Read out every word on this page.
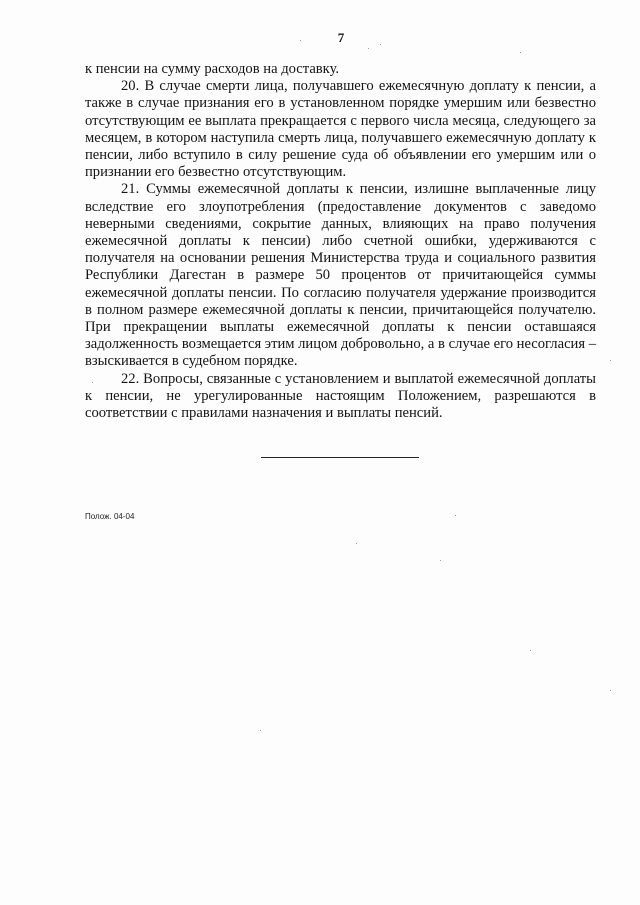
7

к пенсии на сумму расходов на доставку.

20. В случае смерти лица, получавшего ежемесячную доплату к пенсии, а также в случае признания его в установленном порядке умершим или безвестно отсутствующим ее выплата прекращается с первого числа месяца, следующего за месяцем, в котором наступила смерть лица, получавшего ежемесячную доплату к пенсии, либо вступило в силу решение суда об объявлении его умершим или о признании его безвестно отсутствующим.

21. Суммы ежемесячной доплаты к пенсии, излишне выплаченные лицу вследствие его злоупотребления (предоставление документов с заведомо неверными сведениями, сокрытие данных, влияющих на право получения ежемесячной доплаты к пенсии) либо счетной ошибки, удерживаются с получателя на основании решения Министерства труда и социального развития Республики Дагестан в размере 50 процентов от причитающейся суммы ежемесячной доплаты пенсии. По согласию получателя удержание производится в полном размере ежемесячной доплаты к пенсии, причитающейся получателю. При прекращении выплаты ежемесячной доплаты к пенсии оставшаяся задолженность возмещается этим лицом добровольно, а в случае его несогласия – взыскивается в судебном порядке.

22. Вопросы, связанные с установлением и выплатой ежемесячной доплаты к пенсии, не урегулированные настоящим Положением, разрешаются в соответствии с правилами назначения и выплаты пенсий.

Полож. 04-04
